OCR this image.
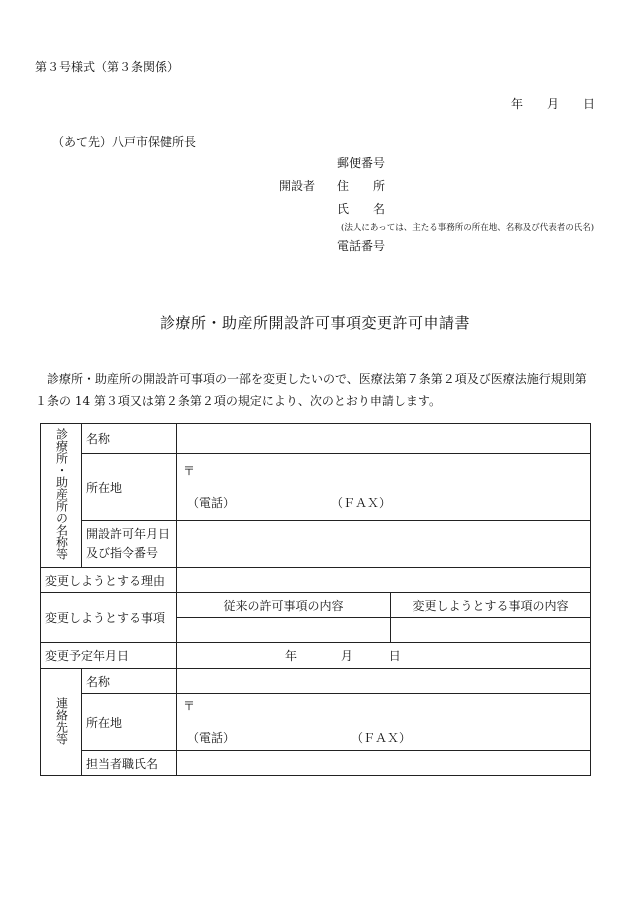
第３号様式（第３条関係）
年 月 日
（あて先）八戸市保健所長
郵便番号
開設者 住　　所
氏　　名
(法人にあっては、主たる事務所の所在地、名称及び代表者の氏名)
電話番号
診療所・助産所開設許可事項変更許可申請書
診療所・助産所の開設許可事項の一部を変更したいので、医療法第７条第２項及び医療法施行規則第１条の 14 第３項又は第２条第２項の規定により、次のとおり申請します。
診療所・助産所の名称等	名称		
	所在地	〒
（電話） （ＦＡＸ）	

	開設許可年月日
及び指令番号		

変更しようとする理由			
変更しようとする事項		従来の許可事項の内容	変更しようとする事項の内容

変更予定年月日		年 月 日	
連絡先等	名称		
	所在地	〒
（電話） （ＦＡＸ）	

	担当者職氏名		
